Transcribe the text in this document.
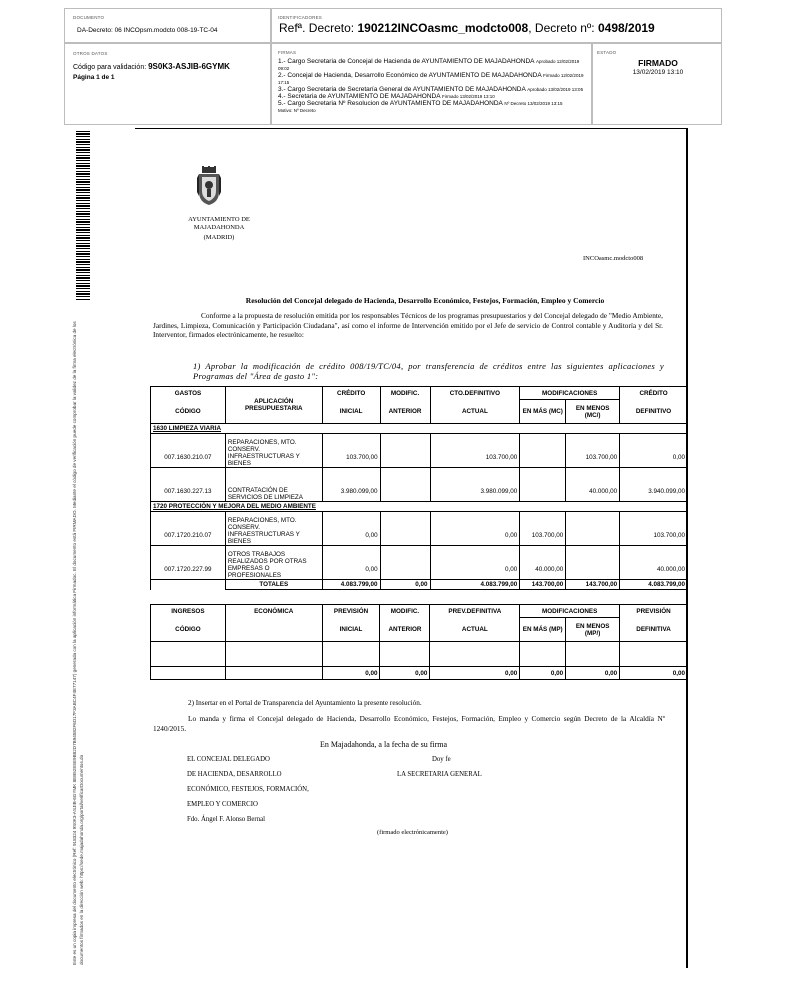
DOCUMENTO
DA-Decreto: 06 INCOpsm.modcto 008-19-TC-04
IDENTIFICADORES
Refª. Decreto: 190212INCOasmc_modcto008, Decreto nº: 0498/2019
OTROS DATOS
Código para validación: 9S0K3-ASJIB-6GYMK
Página 1 de 1
FIRMAS
1.- Cargo Secretaria de Concejal de Hacienda de AYUNTAMIENTO DE MAJADAHONDA Aprobado 12/02/2019 09:02
2.- Concejal de Hacienda, Desarrollo Económico de AYUNTAMIENTO DE MAJADAHONDA Firmado 12/02/2019 17:15
3.- Cargo Secretaria de Secretaría General de AYUNTAMIENTO DE MAJADAHONDA Aprobado 13/02/2019 13:05
4.- Secretaria de AYUNTAMIENTO DE MAJADAHONDA Firmado 13/02/2019 13:10
5.- Cargo Secretaria Nº Resolucion de AYUNTAMIENTO DE MAJADAHONDA Nº Decreto 13/02/2019 13:15
Motivo: Nº Decreto
ESTADO
FIRMADO
13/02/2019 13:10
Este es un copia impresa del documento electrónico (Ref: 918324 9S0K3-ASJIB-6GYMK 8EB52E5E9B82D7B94582F6D17F3ABC4F4E77147) generada con la aplicación informática Firmadoc. El documento está FIRMADO. Mediante el código de verificación puede comprobar la validez de la firma electrónica de los documentos firmados en la dirección web: https://sede.majadahonda.org/portal/verificarDocumentos.do
AYUNTAMIENTO DE
MAJADAHONDA
(MADRID)
INCOasmc.modcto008
Resolución del Concejal delegado de Hacienda, Desarrollo Económico, Festejos, Formación, Empleo y Comercio
Conforme a la propuesta de resolución emitida por los responsables Técnicos de los programas presupuestarios y del Concejal delegado de "Medio Ambiente, Jardines, Limpieza, Comunicación y Participación Ciudadana", así como el informe de Intervención emitido por el Jefe de servicio de Control contable y Auditoría y del Sr. Interventor, firmados electrónicamente, he resuelto:
1) Aprobar la modificación de crédito 008/19/TC/04, por transferencia de créditos entre las siguientes aplicaciones y Programas del "Área de gasto 1":
GASTOS	APLICACIÓN PRESUPUESTARIA	CRÉDITO	MODIFIC.	CTO.DEFINITIVO	MODIFICACIONES		CRÉDITO
CÓDIGO		INICIAL	ANTERIOR	ACTUAL	EN MÁS (MC)	EN MENOS (MC/)	DEFINITIVO
1630 LIMPIEZA VIARIA							
007.1630.210.07	REPARACIONES, MTO. CONSERV. INFRAESTRUCTURAS Y BIENES	103.700,00		103.700,00		103.700,00	0,00
007.1630.227.13	CONTRATACIÓN DE SERVICIOS DE LIMPIEZA	3.980.099,00		3.980.099,00		40.000,00	3.940.099,00
1720 PROTECCIÓN Y MEJORA DEL MEDIO AMBIENTE							
007.1720.210.07	REPARACIONES, MTO. CONSERV. INFRAESTRUCTURAS Y BIENES	0,00		0,00	103.700,00		103.700,00
007.1720.227.99	OTROS TRABAJOS REALIZADOS POR OTRAS EMPRESAS O PROFESIONALES	0,00		0,00	40.000,00		40.000,00
	TOTALES	4.083.799,00	0,00	4.083.799,00	143.700,00	143.700,00	4.083.799,00
INGRESOS	ECONÓMICA	PREVISIÓN	MODIFIC.	PREV.DEFINITIVA	MODIFICACIONES		PREVISIÓN
CÓDIGO		INICIAL	ANTERIOR	ACTUAL	EN MÁS (MP)	EN MENOS (MP/)	DEFINITIVA

		0,00	0,00	0,00	0,00	0,00	0,00
2) Insertar en el Portal de Transparencia del Ayuntamiento la presente resolución.
Lo manda y firma el Concejal delegado de Hacienda, Desarrollo Económico, Festejos, Formación, Empleo y Comercio según Decreto de la Alcaldía Nº 1240/2015.
En Majadahonda, a la fecha de su firma
EL CONCEJAL DELEGADO	Doy fe
DE HACIENDA, DESARROLLO	LA SECRETARIA GENERAL
ECONÓMICO, FESTEJOS, FORMACIÓN,
EMPLEO Y COMERCIO
Fdo. Ángel F. Alonso Bernal
(firmado electrónicamente)
